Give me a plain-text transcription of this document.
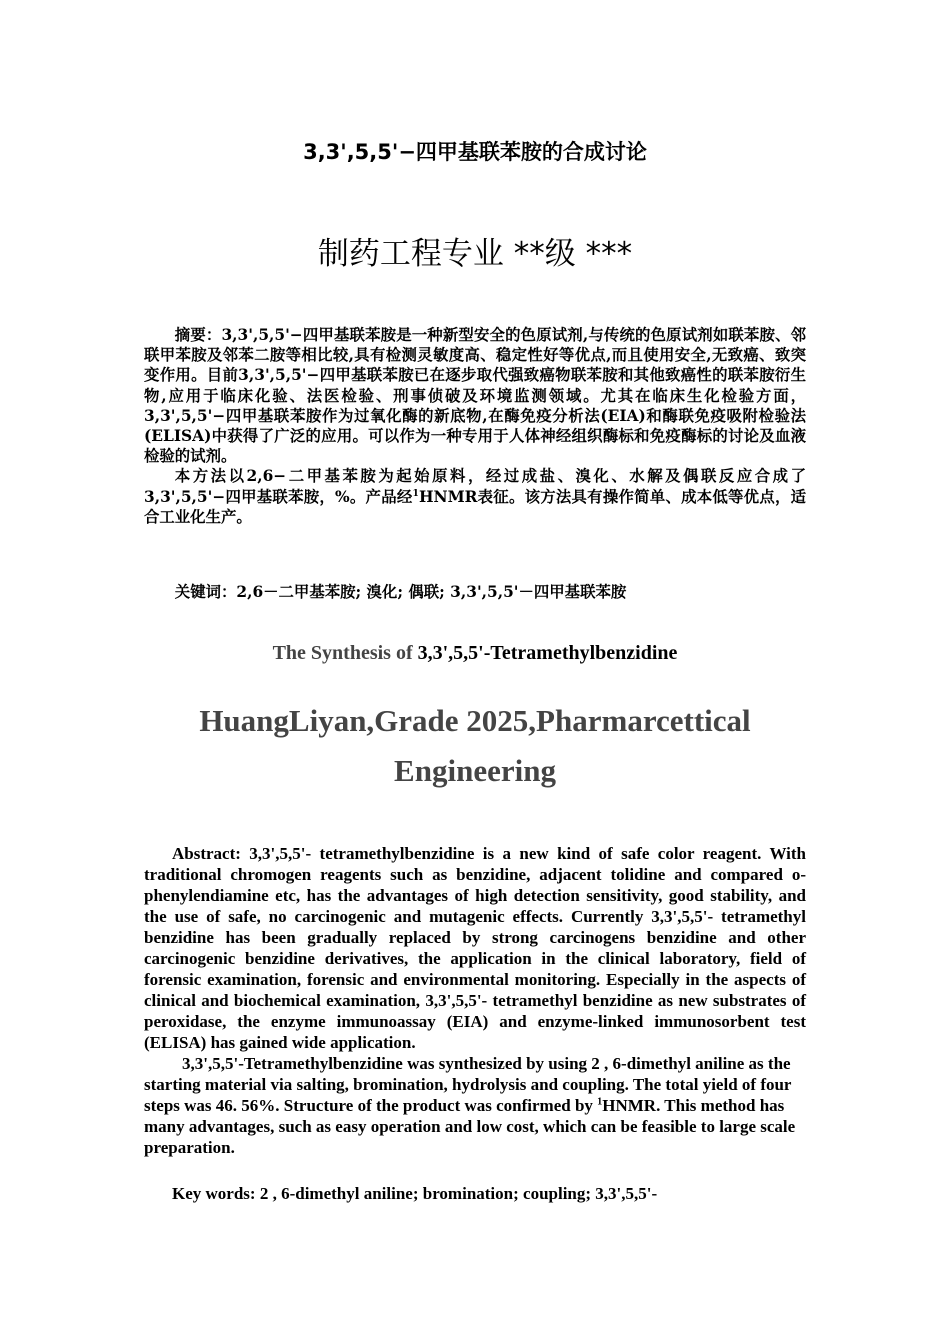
3,3',5,5'−四甲基联苯胺的合成讨论
制药工程专业 **级 ***

摘要：3,3',5,5'−四甲基联苯胺是一种新型安全的色原试剂,与传统的色原试剂如联苯胺、邻联甲苯胺及邻苯二胺等相比较,具有检测灵敏度高、稳定性好等优点,而且使用安全,无致癌、致突变作用。目前3,3',5,5'−四甲基联苯胺已在逐步取代强致癌物联苯胺和其他致癌性的联苯胺衍生物,应用于临床化验、法医检验、刑事侦破及环境监测领域。尤其在临床生化检验方面，3,3',5,5'−四甲基联苯胺作为过氧化酶的新底物,在酶免疫分析法(EIA)和酶联免疫吸附检验法(ELISA)中获得了广泛的应用。可以作为一种专用于人体神经组织酶标和免疫酶标的讨论及血液检验的试剂。

本方法以2,6−二甲基苯胺为起始原料，经过成盐、溴化、水解及偶联反应合成了3,3',5,5'−四甲基联苯胺，%。产品经$^1$HNMR表征。该方法具有操作简单、成本低等优点，适合工业化生产。

关键词：2,6－二甲基苯胺; 溴化; 偶联; 3,3',5,5'－四甲基联苯胺
The Synthesis of 3,3',5,5'-Tetramethylbenzidine
HuangLiyan,Grade 2025,Pharmarcettical
Engineering

Abstract: 3,3',5,5'- tetramethylbenzidine is a new kind of safe color reagent. With traditional chromogen reagents such as benzidine, adjacent tolidine and compared o-phenylendiamine etc, has the advantages of high detection sensitivity, good stability, and the use of safe, no carcinogenic and mutagenic effects. Currently 3,3',5,5'- tetramethyl benzidine has been gradually replaced by strong carcinogens benzidine and other carcinogenic benzidine derivatives, the application in the clinical laboratory, field of forensic examination, forensic and environmental monitoring. Especially in the aspects of clinical and biochemical examination, 3,3',5,5'- tetramethyl benzidine as new substrates of peroxidase, the enzyme immunoassay (EIA) and enzyme-linked immunosorbent test (ELISA) has gained wide application.

3,3',5,5'-Tetramethylbenzidine was synthesized by using 2 , 6-dimethyl aniline as the starting material via salting, bromination, hydrolysis and coupling. The total yield of four steps was 46. 56%. Structure of the product was confirmed by $^1$HNMR. This method has many advantages, such as easy operation and low cost, which can be feasible to large scale preparation.

Key words: 2 , 6-dimethyl aniline; bromination; coupling; 3,3',5,5'-
